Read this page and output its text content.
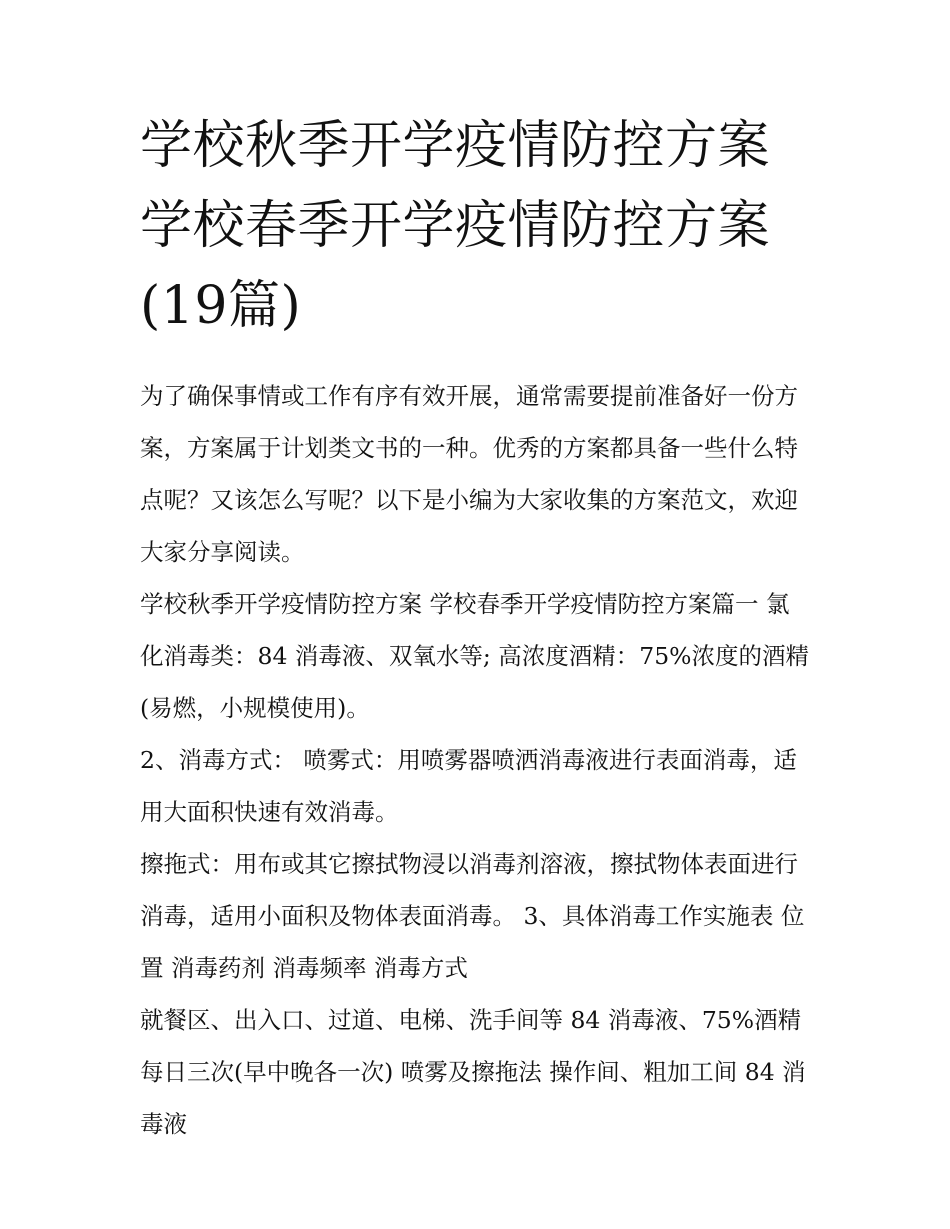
学校秋季开学疫情防控方案 学校春季开学疫情防控方案(19篇)

为了确保事情或工作有序有效开展，通常需要提前准备好一份方案，方案属于计划类文书的一种。优秀的方案都具备一些什么特点呢？又该怎么写呢？以下是小编为大家收集的方案范文，欢迎大家分享阅读。

学校秋季开学疫情防控方案 学校春季开学疫情防控方案篇一 氯化消毒类：84 消毒液、双氧水等; 高浓度酒精：75%浓度的酒精(易燃，小规模使用)。

2、消毒方式： 喷雾式：用喷雾器喷洒消毒液进行表面消毒，适用大面积快速有效消毒。

擦拖式：用布或其它擦拭物浸以消毒剂溶液，擦拭物体表面进行消毒，适用小面积及物体表面消毒。 3、具体消毒工作实施表 位置 消毒药剂 消毒频率 消毒方式

就餐区、出入口、过道、电梯、洗手间等 84 消毒液、75%酒精 每日三次(早中晚各一次) 喷雾及擦拖法 操作间、粗加工间 84 消毒液
